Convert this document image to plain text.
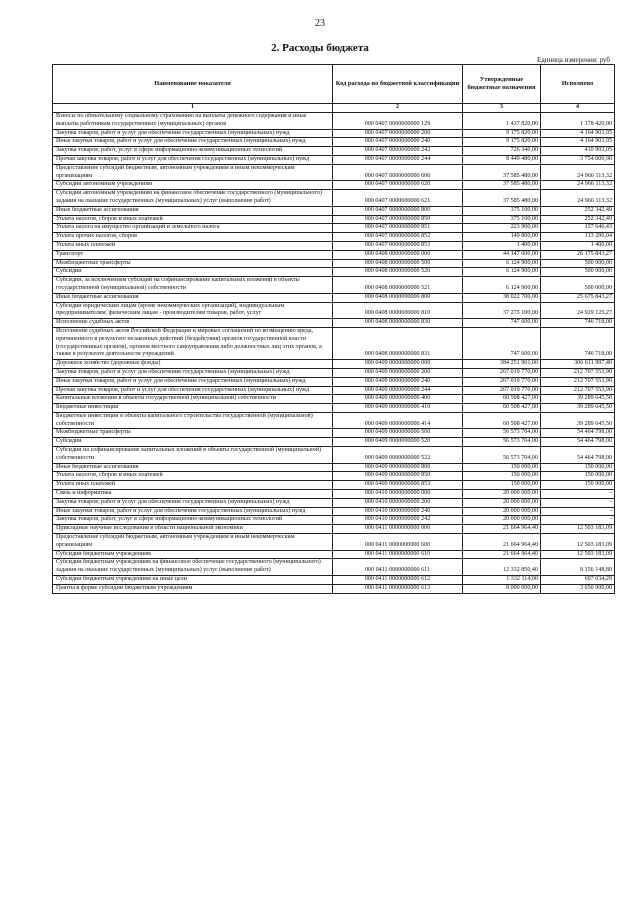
23
2. Расходы бюджета
Единица измерения: руб
Наименование показателя	Код расхода по бюджетной классификации	Утвержденные бюджетные назначения	Исполнено
1	2	3	4
Взносы по обязательному социальному страхованию на выплаты денежного содержания и иные выплаты работникам государственных (муниципальных) органов	000 0407 0000000000 129	1 437 820,00	1 178 420,00
Закупка товаров, работ и услуг для обеспечения государственных (муниципальных) нужд	000 0407 0000000000 200	9 175 820,00	4 164 903,95
Иные закупки товаров, работ и услуг для обеспечения государственных (муниципальных) нужд	000 0407 0000000000 240	9 175 820,00	4 164 903,95
Закупка товаров, работ, услуг в сфере информационно-коммуникационных технологий	000 0407 0000000000 242	726 340,00	410 903,05
Прочая закупка товаров, работ и услуг для обеспечения государственных (муниципальных) нужд	000 0407 0000000000 244	8 449 480,00	3 754 000,90
Предоставление субсидий бюджетным, автономным учреждениям и иным некоммерческим организациям	000 0407 0000000000 600	37 585 480,00	24 966 113,32
Субсидии автономным учреждениям	000 0407 0000000000 620	37 585 480,00	24 966 113,32
Субсидии автономным учреждениям на финансовое обеспечение государственного (муниципального) задания на оказание государственных (муниципальных) услуг (выполнение работ)	000 0407 0000000000 621	37 585 480,00	24 966 113,32
Иные бюджетные ассигнования	000 0407 0000000000 800	375 100,00	252 342,49
Уплата налогов, сборов и иных платежей	000 0407 0000000000 850	375 100,00	252 342,49
Уплата налога на имущество организаций и земельного налога	000 0407 0000000000 851	223 900,00	137 646,43
Уплата прочих налогов, сборов	000 0407 0000000000 852	149 800,00	113 296,04
Уплата иных платежей	000 0407 0000000000 853	1 400,00	1 400,00
Транспорт	000 0408 0000000000 000	44 147 600,00	26 175 843,27
Межбюджетные трансферты	000 0408 0000000000 500	6 124 900,00	500 000,00
Субсидии	000 0408 0000000000 520	6 124 900,00	500 000,00
Субсидии, за исключением субсидий на софинансирование капитальных вложений в объекты государственной (муниципальной) собственности	000 0408 0000000000 521	6 124 900,00	500 000,00
Иные бюджетные ассигнования	000 0408 0000000000 800	38 022 700,00	25 675 843,27
Субсидии юридическим лицам (кроме некоммерческих организаций), индивидуальным предпринимателям, физическим лицам - производителям товаров, работ, услуг	000 0408 0000000000 810	37 275 100,00	24 929 125,27
Исполнение судебных актов	000 0408 0000000000 830	747 600,00	746 718,00
Исполнение судебных актов Российской Федерации и мировых соглашений по возмещению вреда, причиненного в результате незаконных действий (бездействия) органов государственной власти (государственных органов), органов местного самоуправления либо должностных лиц этих органов, а также в результате деятельности учреждений	000 0408 0000000000 831	747 600,00	746 718,00
Дорожное хозяйство (дорожные фонды)	000 0409 0000000000 000	384 251 901,00	306 611 997,40
Закупка товаров, работ и услуг для обеспечения государственных (муниципальных) нужд	000 0409 0000000000 200	267 019 770,00	212 707 553,90
Иные закупки товаров, работ и услуг для обеспечения государственных (муниципальных) нужд	000 0409 0000000000 240	267 019 770,00	212 707 553,90
Прочая закупка товаров, работ и услуг для обеспечения государственных (муниципальных) нужд	000 0409 0000000000 244	267 019 770,00	212 707 553,90
Капитальные вложения в объекты государственной (муниципальной) собственности	000 0409 0000000000 400	60 508 427,00	39 289 645,50
Бюджетные инвестиции	000 0409 0000000000 410	60 508 427,00	39 289 645,50
Бюджетные инвестиции в объекты капитального строительства государственной (муниципальной) собственности	000 0409 0000000000 414	60 508 427,00	39 289 645,50
Межбюджетные трансферты	000 0409 0000000000 500	56 573 704,00	54 464 798,00
Субсидии	000 0409 0000000000 520	56 573 704,00	54 464 798,00
Субсидии на софинансирование капитальных вложений в объекты государственной (муниципальной) собственности	000 0409 0000000000 522	56 573 704,00	54 464 798,00
Иные бюджетные ассигнования	000 0409 0000000000 800	150 000,00	150 000,00
Уплата налогов, сборов и иных платежей	000 0409 0000000000 850	150 000,00	150 000,00
Уплата иных платежей	000 0409 0000000000 853	150 000,00	150 000,00
Связь и информатика	000 0410 0000000000 000	20 000 000,00	-
Закупка товаров, работ и услуг для обеспечения государственных (муниципальных) нужд	000 0410 0000000000 200	20 000 000,00	-
Иные закупки товаров, работ и услуг для обеспечения государственных (муниципальных) нужд	000 0410 0000000000 240	20 000 000,00	-
Закупка товаров, работ, услуг в сфере информационно-коммуникационных технологий	000 0410 0000000000 242	20 000 000,00	-
Прикладные научные исследования в области национальной экономики	000 0411 0000000000 000	21 664 964,40	12 503 183,09
Предоставление субсидий бюджетным, автономным учреждениям и иным некоммерческим организациям	000 0411 0000000000 600	21 664 964,40	12 503 183,09
Субсидии бюджетным учреждениям	000 0411 0000000000 610	21 664 964,40	12 503 183,09
Субсидии бюджетным учреждениям на финансовое обеспечение государственного (муниципального) задания на оказание государственных (муниципальных) услуг (выполнение работ)	000 0411 0000000000 611	12 332 850,40	8 156 148,80
Субсидии бюджетным учреждениям на иные цели	000 0411 0000000000 612	1 332 114,00	697 034,29
Гранты в форме субсидии бюджетным учреждениям	000 0411 0000000000 613	8 000 000,00	3 650 000,00
